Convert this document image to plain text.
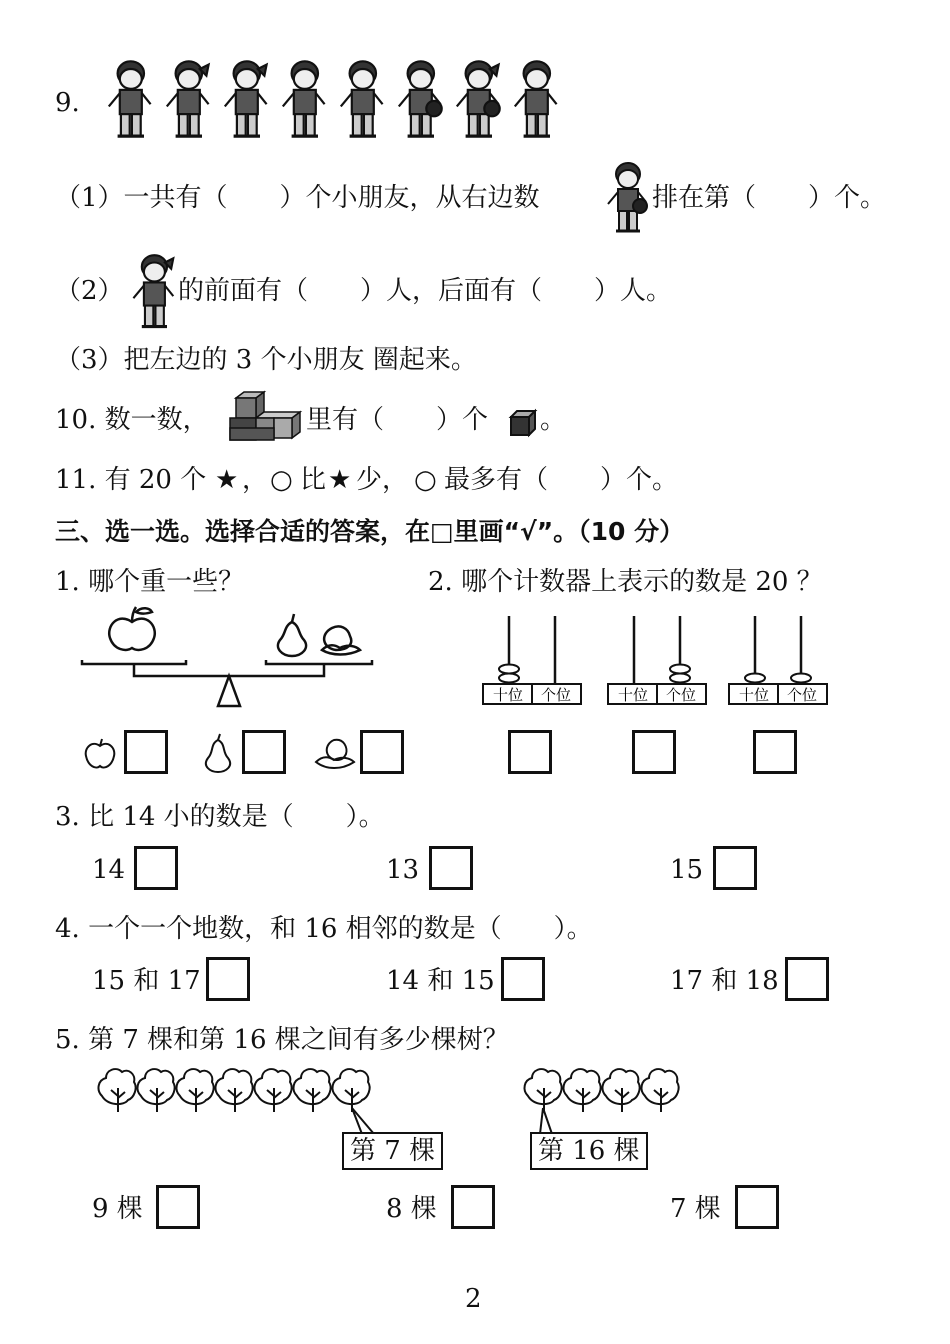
9.
（1）一共有（　　）个小朋友，从右边数	排在第（　　）个。
（2） 的前面有（　　）人，后面有（　　）人。
（3）把左边的 3 个小朋友 圈起来。
10. 数一数，	里有（　　）个 。
11. 有 20 个 ★ ， ○ 比 ★ 少， ○ 最多有（　　）个。
三、选一选。选择合适的答案，在□里画“√”。（10 分）
1. 哪个重一些？	2. 哪个计数器上表示的数是 20 ？
十位 个位	十位 个位	十位 个位
3. 比 14 小的数是（　　）。
14	13	15
4. 一个一个地数，和 16 相邻的数是（　　）。
15 和 17	14 和 15	17 和 18
5. 第 7 棵和第 16 棵之间有多少棵树？
第 7 棵	第 16 棵
9 棵	8 棵	7 棵
2
